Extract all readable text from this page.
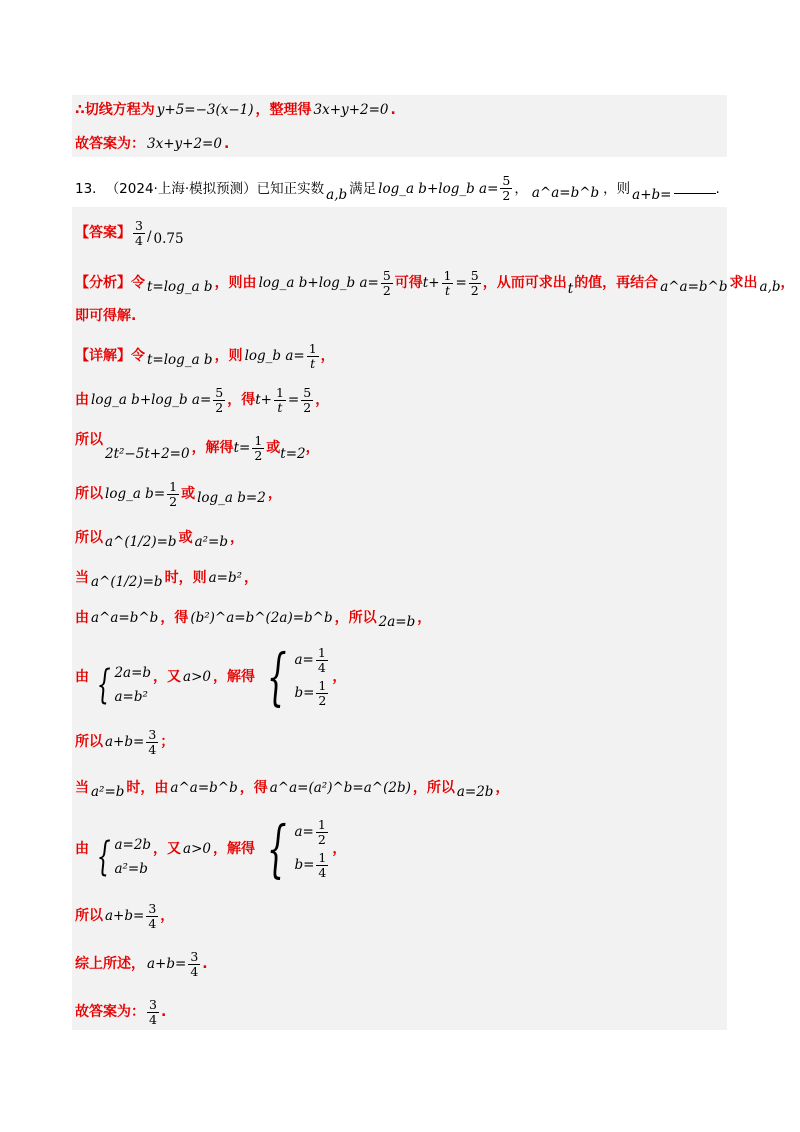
∴切线方程为 y+5=−3(x−1) ，整理得 3x+y+2=0 .
故答案为： 3x+y+2=0 .
13． （2024·上海·模拟预测） 已知正实数 a,b 满足 log_a b+log_b $a= \frac{5}{2}$ ， a^a=b^b ，则 a+b=	.
【答案】 $\frac{3}{4} / 0.75$
【分析】令 t=log_a b ，则由 log_a b+log_b $a= \frac{5}{2}$ 可得 $t+ \frac{1}{t} = \frac{5}{2}$ ，从而可求出 t 的值，再结合 a^a=b^b 求出 a,b ，
即可得解.
【详解】令 t=log_a b ，则 log_b $a= \frac{1}{t}$ ，
由 log_a b+log_b $a= \frac{5}{2}$ ，得 $t+ \frac{1}{t} = \frac{5}{2}$ ，
所以
2t²−5t+2=0 ，解得 $t= \frac{1}{2}$ 或 t=2 ，
所以 log_a $b= \frac{1}{2}$ 或 log_a b=2 ，
所以 a^(1/2)=b 或 a²=b ，
当 a^(1/2)=b 时，则 a=b² ，
由 a^a=b^b ，得 (b²)^a=b^(2a)=b^b ，所以 2a=b ，
由 { 2a=b
a=b²
，又 a>0 ，解得 { $a= \frac{1}{4}$
$b= \frac{1}{2}$
，
所以 $a+b= \frac{3}{4}$ ；
当 a²=b 时，由 a^a=b^b ，得 a^a=(a²)^b=a^(2b) ，所以 a=2b ，
由 { a=2b
a²=b
，又 a>0 ，解得 { $a= \frac{1}{2}$
$b= \frac{1}{4}$
，
所以 $a+b= \frac{3}{4}$ ，
综上所述， $a+b= \frac{3}{4}$ .
故答案为： $\frac{3}{4}$ .
